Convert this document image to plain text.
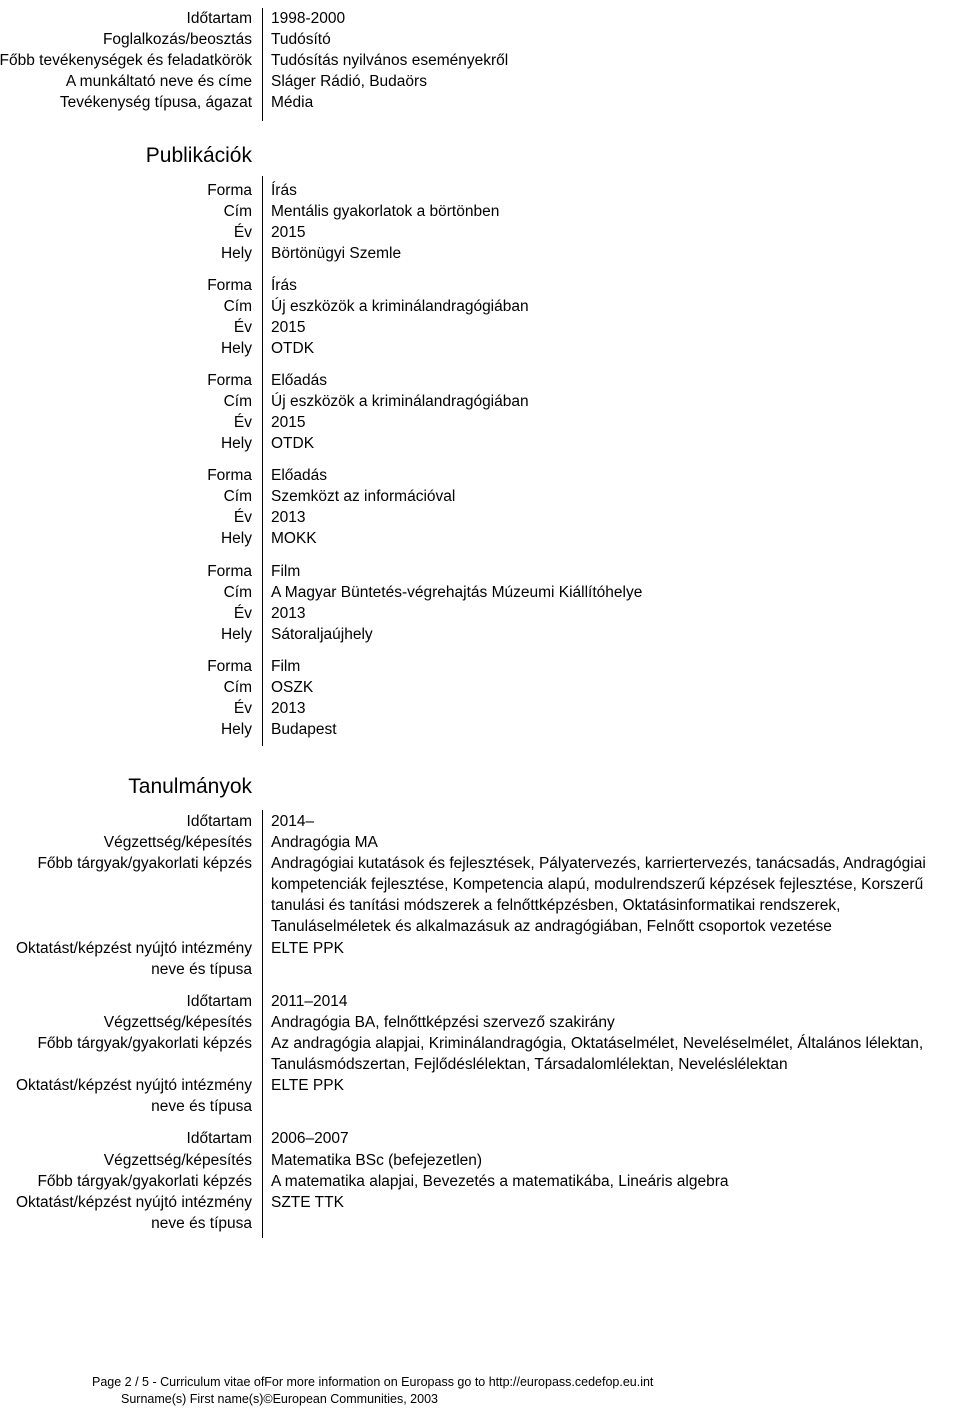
Időtartam 1998-2000
Foglalkozás/beosztás Tudósító
Főbb tevékenységek és feladatkörök Tudósítás nyilvános eseményekről
A munkáltató neve és címe Sláger Rádió, Budaörs
Tevékenység típusa, ágazat Média
Publikációk
Forma Írás
Cím Mentális gyakorlatok a börtönben
Év 2015
Hely Börtönügyi Szemle
Forma Írás
Cím Új eszközök a kriminálandragógiában
Év 2015
Hely OTDK
Forma Előadás
Cím Új eszközök a kriminálandragógiában
Év 2015
Hely OTDK
Forma Előadás
Cím Szemközt az információval
Év 2013
Hely MOKK
Forma Film
Cím A Magyar Büntetés-végrehajtás Múzeumi Kiállítóhelye
Év 2013
Hely Sátoraljaújhely
Forma Film
Cím OSZK
Év 2013
Hely Budapest
Tanulmányok
Időtartam 2014–
Végzettség/képesítés Andragógia MA
Főbb tárgyak/gyakorlati képzés Andragógiai kutatások és fejlesztések, Pályatervezés, karriertervezés, tanácsadás, Andragógiai kompetenciák fejlesztése, Kompetencia alapú, modulrendszerű képzések fejlesztése, Korszerű tanulási és tanítási módszerek a felnőttképzésben, Oktatásinformatikai rendszerek, Tanuláselméletek és alkalmazásuk az andragógiában, Felnőtt csoportok vezetése
Oktatást/képzést nyújtó intézmény
neve és típusa
ELTE PPK
Időtartam 2011–2014
Végzettség/képesítés Andragógia BA, felnőttképzési szervező szakirány
Főbb tárgyak/gyakorlati képzés Az andragógia alapjai, Kriminálandragógia, Oktatáselmélet, Neveléselmélet, Általános lélektan, Tanulásmódszertan, Fejlődéslélektan, Társadalomlélektan, Neveléslélektan
Oktatást/képzést nyújtó intézmény
neve és típusa
ELTE PPK
Időtartam 2006–2007
Végzettség/képesítés Matematika BSc (befejezetlen)
Főbb tárgyak/gyakorlati képzés A matematika alapjai, Bevezetés a matematikába, Lineáris algebra
Oktatást/képzést nyújtó intézmény
neve és típusa
SZTE TTK
Page 2 / 5 - Curriculum vitae ofFor more information on Europass go to http://europass.cedefop.eu.int
Surname(s) First name(s)©European Communities, 2003
